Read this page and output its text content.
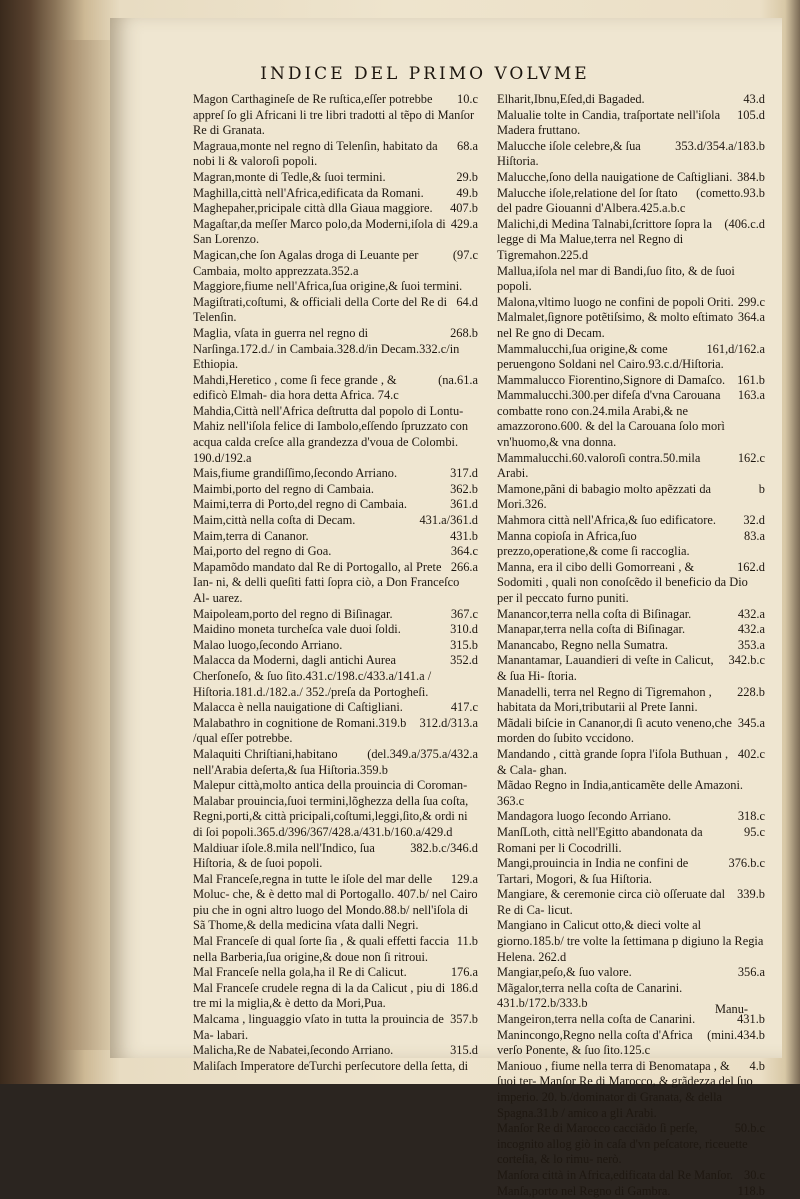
INDICE DEL PRIMO VOLVME
10.c
Magon Carthagineſe de Re ruſtica,eſſer potrebbe appreſ ſo gli Africani li tre libri tradotti al tẽpo di Manſor Re di Granata.
68.a
Magraua,monte nel regno di Telenſin, habitato da nobi li & valoroſi popoli.
29.b
Magran,monte di Tedle,& ſuoi termini.
49.b
Maghilla,città nell'Africa,edificata da Romani.
407.b
Maghepaher,pricipale città dlla Giaua maggiore.
429.a
Magaſtar,da meſſer Marco polo,da Moderni,iſola di San Lorenzo.
(97.c
Magican,che ſon Agalas droga di Leuante per Cambaia, molto apprezzata.352.a
Maggiore,fiume nell'Africa,ſua origine,& ſuoi termini.
64.d
Magiſtrati,coſtumi, & officiali della Corte del Re di Telenſin.
268.b
Maglia, vſata in guerra nel regno di Narſinga.172.d./ in Cambaia.328.d/in Decam.332.c/in Ethiopia.
(na.61.a
Mahdi,Heretico , come ſi fece grande , & edificò Elmah- dia hora detta Africa. 74.c
Mahdia,Città nell'Africa deſtrutta dal popolo di Lontu- Mahiz nell'iſola felice di Iambolo,eſſendo ſpruzzato con acqua calda creſce alla grandezza d'voua de Colombi. 190.d/192.a
317.d
Mais,fiume grandiſſimo,ſecondo Arriano.
362.b
Maimbi,porto del regno di Cambaia.
361.d
Maimi,terra di Porto,del regno di Cambaia.
431.a/361.d
Maim,città nella coſta di Decam.
431.b
Maim,terra di Cananor.
364.c
Mai,porto del regno di Goa.
266.a
Mapamõdo mandato dal Re di Portogallo, al Prete Ian- ni, & delli queſiti fatti ſopra ciò, a Don Franceſco Al- uarez.
367.c
Maipoleam,porto del regno di Biſinagar.
310.d
Maidino moneta turcheſca vale duoi ſoldi.
315.b
Malao luogo,ſecondo Arriano.
352.d
Malacca da Moderni, dagli antichi Aurea Cherſoneſo, & ſuo ſito.431.c/198.c/433.a/141.a / Hiſtoria.181.d./182.a./ 352./preſa da Portogheſi.
417.c
Malacca è nella nauigatione di Caſtigliani.
312.d/313.a
Malabathro in cognitione de Romani.319.b /qual eſſer potrebbe.
(del.349.a/375.a/432.a
Malaquiti Chriſtiani,habitano nell'Arabia deſerta,& ſua Hiſtoria.359.b
Malepur città,molto antica della prouincia di Coroman- Malabar prouincia,ſuoi termini,lõghezza della ſua coſta, Regni,porti,& città pricipali,coſtumi,leggi,ſito,& ordi ni di ſoi popoli.365.d/396/367/428.a/431.b/160.a/429.d
382.b.c/346.d
Maldiuar iſole.8.mila nell'Indico, ſua Hiſtoria, & de ſuoi popoli.
129.a
Mal Franceſe,regna in tutte le iſole del mar delle Moluc- che, & è detto mal di Portogallo. 407.b/ nel Cairo piu che in ogni altro luogo del Mondo.88.b/ nell'iſola di Sã Thome,& della medicina vſata dalli Negri.
11.b
Mal Franceſe di qual ſorte ſia , & quali effetti faccia nella Barberia,ſua origine,& doue non ſi ritroui.
176.a
Mal Franceſe nella gola,ha il Re di Calicut.
186.d
Mal Franceſe crudele regna di la da Calicut , piu di tre mi la miglia,& è detto da Mori,Pua.
357.b
Malcama , linguaggio vſato in tutta la prouincia de Ma- labari.
315.d
Malicha,Re de Nabatei,ſecondo Arriano.
Maliſach Imperatore deTurchi perſecutore della ſetta, di
43.d
Elharit,Ibnu,Eſed,di Bagaded.
105.d
Malualie tolte in Candia, traſportate nell'iſola Madera fruttano.
353.d/354.a/183.b
Malucche iſole celebre,& ſua Hiſtoria.
384.b
Malucche,ſono della nauigatione de Caſtigliani.
(cometto.93.b
Malucche iſole,relatione del ſor ſtato del padre Giouanni d'Albera.425.a.b.c
(406.c.d
Malichi,di Medina Talnabi,ſcrittore ſopra la legge di Ma Malue,terra nel Regno di Tigremahon.225.d
Mallua,iſola nel mar di Bandi,ſuo ſito, & de ſuoi popoli.
299.c
Malona,vltimo luogo ne confini de popoli Oriti.
364.a
Malmalet,ſignore potẽtiſsimo, & molto eſtimato nel Re gno di Decam.
161,d/162.a
Mammalucchi,ſua origine,& come peruengono Soldani nel Cairo.93.c.d/Hiſtoria.
161.b
Mammalucco Fiorentino,Signore di Damaſco.
163.a
Mammalucchi.300.per difeſa d'vna Carouana combatte rono con.24.mila Arabi,& ne amazzorono.600. & del la Carouana ſolo morì vn'huomo,& vna donna.
162.c
Mammalucchi.60.valoroſi contra.50.mila Arabi.
b
Mamone,pãni di babagio molto apẽzzati da Mori.326.
32.d
Mahmora città nell'Africa,& ſuo edificatore.
83.a
Manna copioſa in Africa,ſuo prezzo,operatione,& come ſi raccoglia.
162.d
Manna, era il cibo delli Gomorreani , & Sodomiti , quali non conoſcẽdo il beneficio da Dio per il peccato furno puniti.
432.a
Manancor,terra nella coſta di Biſinagar.
432.a
Manapar,terra nella coſta di Biſinagar.
353.a
Manancabo, Regno nella Sumatra.
342.b.c
Manantamar, Lauandieri di veſte in Calicut, & ſua Hi- ſtoria.
228.b
Manadelli, terra nel Regno di Tigremahon , habitata da Mori,tributarii al Prete Ianni.
345.a
Mãdali biſcie in Cananor,di ſi acuto veneno,che morden do ſubito vccidono.
402.c
Mandando , città grande ſopra l'iſola Buthuan , & Cala- ghan.
Mãdao Regno in India,anticamẽte delle Amazoni. 363.c
318.c
Mandagora luogo ſecondo Arriano.
95.c
ManſLoth, città nell'Egitto abandonata da Romani per li Cocodrilli.
376.b.c
Mangi,prouincia in India ne confini de Tartari, Mogori, & ſua Hiſtoria.
339.b
Mangiare, & ceremonie circa ciò oſſeruate dal Re di Ca- licut.
Mangiano in Calicut otto,& dieci volte al giorno.185.b/ tre volte la ſettimana p digiuno la Regia Helena. 262.d
356.a
Mangiar,peſo,& ſuo valore.
Mãgalor,terra nella coſta de Canarini. 431.b/172.b/333.b
431.b
Mangeiron,terra nella coſta de Canarini.
(mini.434.b
Manincongo,Regno nella coſta d'Africa verſo Ponente, & ſuo ſito.125.c
4.b
Maniouo , fiume nella terra di Benomatapa , & ſuoi ter- Manſor Re di Marocco, & grãdezza del ſuo imperio. 20. b./dominator di Granata, & della Spagna.31.b / amico a gli Arabi.
50.b.c
Manſor Re di Marocco cacciãdo ſi perſe, incognito allog giò in caſa d'vn peſcatore, riceuette corteſia, & lo rimu- nerò.
30.c
Manſora città in Africa,edificata dal Re Manſor.
118.b
Manſa,porto nel Regno di Gambra.
Manu-
